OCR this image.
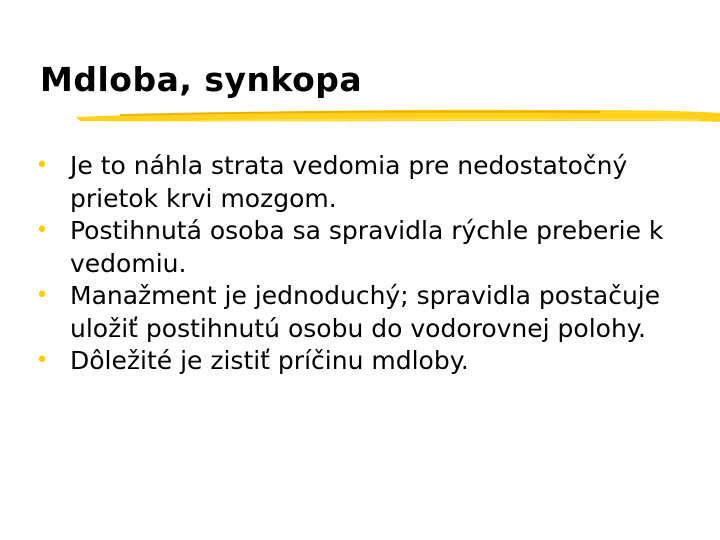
Mdloba, synkopa
• Je to náhla strata vedomia pre nedostatočný prietok krvi mozgom.
• Postihnutá osoba sa spravidla rýchle preberie k vedomiu.
• Manažment je jednoduchý; spravidla postačuje uložiť postihnutú osobu do vodorovnej polohy.
• Dôležité je zistiť príčinu mdloby.
